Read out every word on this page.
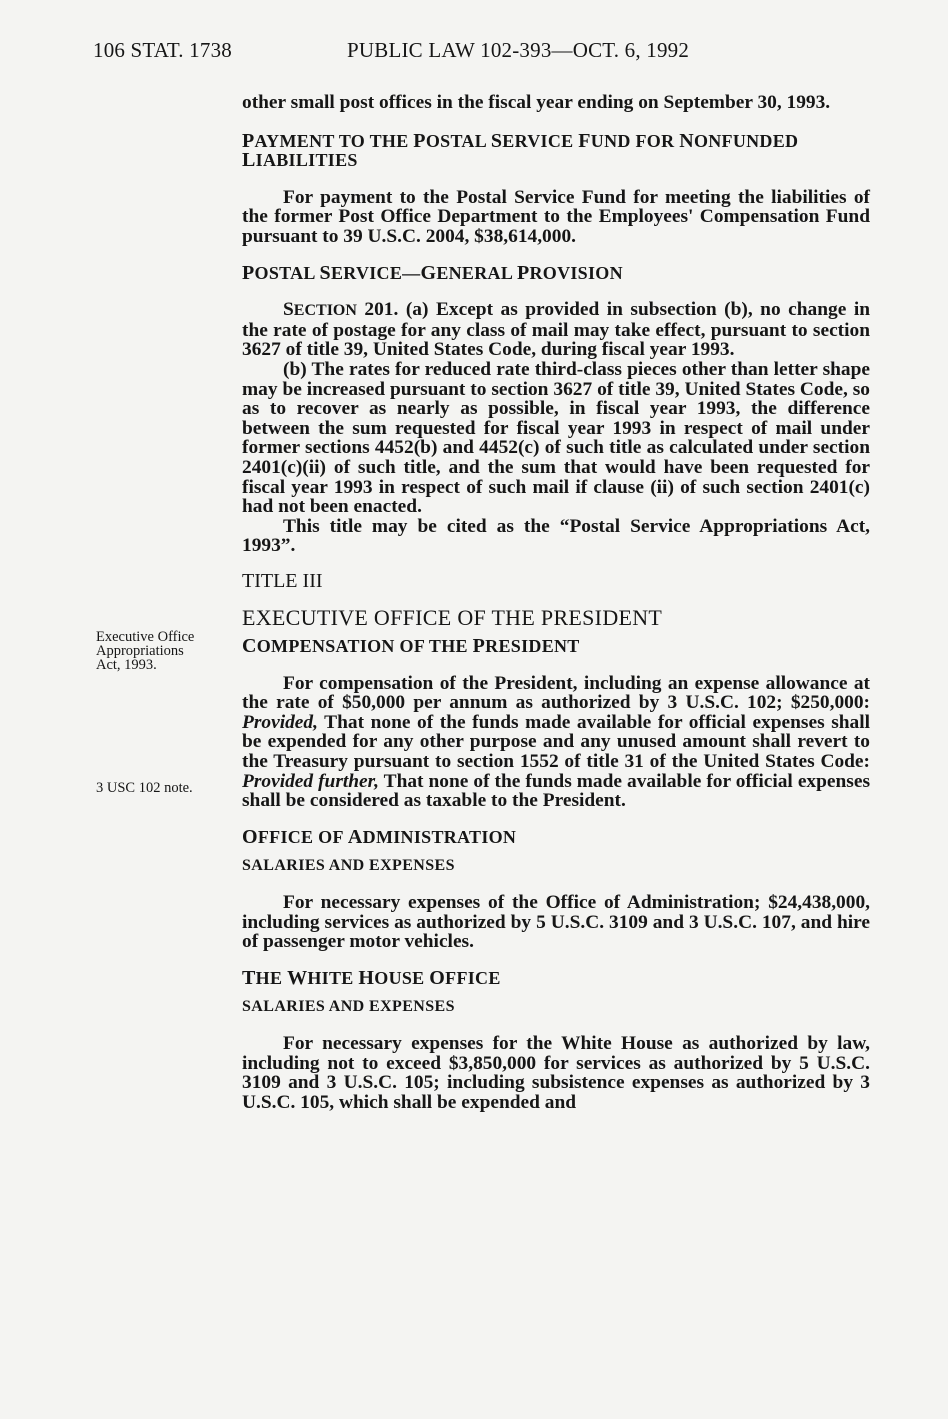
106 STAT. 1738	PUBLIC LAW 102-393—OCT. 6, 1992
Executive Office
Appropriations
Act, 1993.
3 USC 102 note.

other small post offices in the fiscal year ending on September 30, 1993.

PAYMENT TO THE POSTAL SERVICE FUND FOR NONFUNDED
LIABILITIES

For payment to the Postal Service Fund for meeting the liabilities of the former Post Office Department to the Employees' Compensation Fund pursuant to 39 U.S.C. 2004, $38,614,000.

POSTAL SERVICE—GENERAL PROVISION

SECTION 201. (a) Except as provided in subsection (b), no change in the rate of postage for any class of mail may take effect, pursuant to section 3627 of title 39, United States Code, during fiscal year 1993.

(b) The rates for reduced rate third-class pieces other than letter shape may be increased pursuant to section 3627 of title 39, United States Code, so as to recover as nearly as possible, in fiscal year 1993, the difference between the sum requested for fiscal year 1993 in respect of mail under former sections 4452(b) and 4452(c) of such title as calculated under section 2401(c)(ii) of such title, and the sum that would have been requested for fiscal year 1993 in respect of such mail if clause (ii) of such section 2401(c) had not been enacted.

This title may be cited as the “Postal Service Appropriations Act, 1993”.

TITLE III

EXECUTIVE OFFICE OF THE PRESIDENT

COMPENSATION OF THE PRESIDENT

For compensation of the President, including an expense allowance at the rate of $50,000 per annum as authorized by 3 U.S.C. 102; $250,000: Provided, That none of the funds made available for official expenses shall be expended for any other purpose and any unused amount shall revert to the Treasury pursuant to section 1552 of title 31 of the United States Code: Provided further, That none of the funds made available for official expenses shall be considered as taxable to the President.

OFFICE OF ADMINISTRATION

SALARIES AND EXPENSES

For necessary expenses of the Office of Administration; $24,438,000, including services as authorized by 5 U.S.C. 3109 and 3 U.S.C. 107, and hire of passenger motor vehicles.

THE WHITE HOUSE OFFICE

SALARIES AND EXPENSES

For necessary expenses for the White House as authorized by law, including not to exceed $3,850,000 for services as authorized by 5 U.S.C. 3109 and 3 U.S.C. 105; including subsistence expenses as authorized by 3 U.S.C. 105, which shall be expended and
